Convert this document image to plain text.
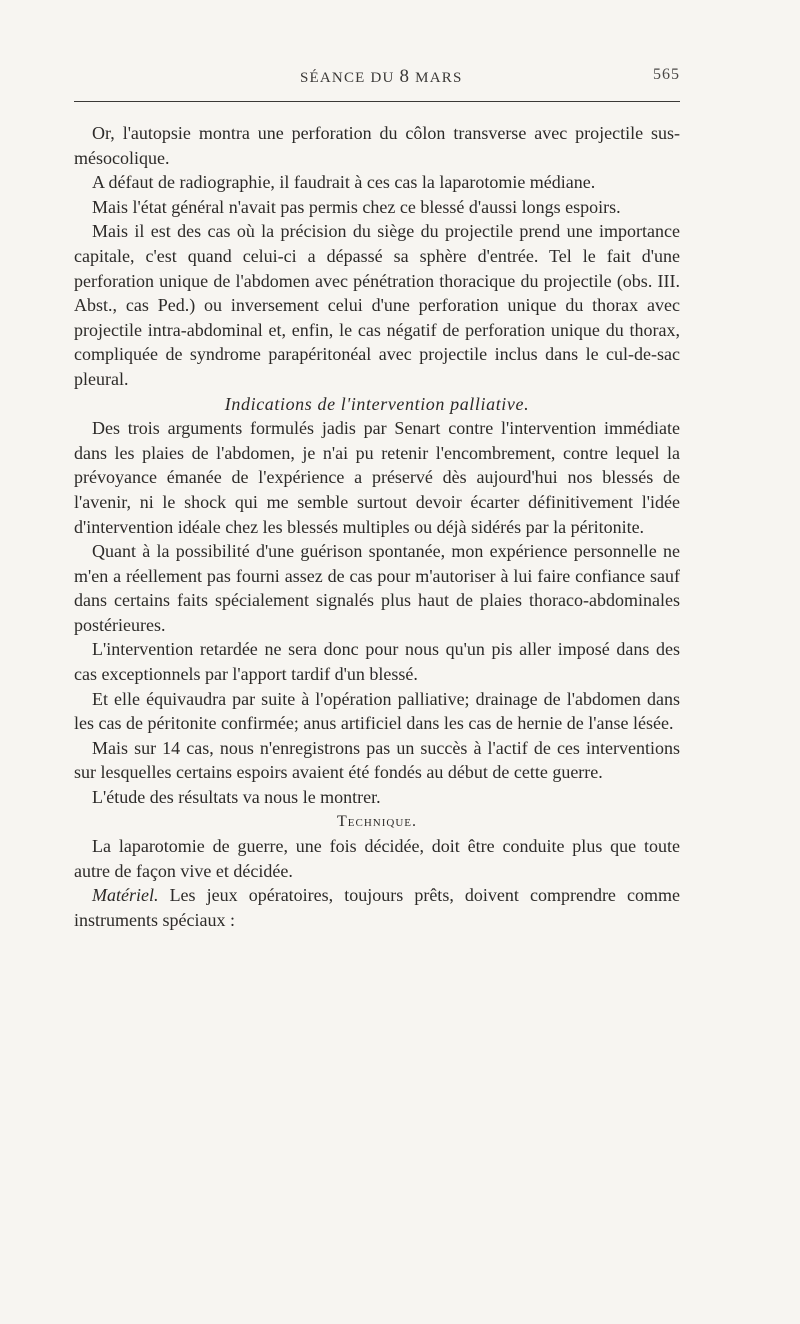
SÉANCE DU 8 MARS	565

Or, l'autopsie montra une perforation du côlon transverse avec projectile sus-mésocolique.

A défaut de radiographie, il faudrait à ces cas la laparotomie médiane.

Mais l'état général n'avait pas permis chez ce blessé d'aussi longs espoirs.

Mais il est des cas où la précision du siège du projectile prend une importance capitale, c'est quand celui-ci a dépassé sa sphère d'entrée. Tel le fait d'une perforation unique de l'abdomen avec pénétration thoracique du projectile (obs. III. Abst., cas Ped.) ou inversement celui d'une perforation unique du thorax avec projectile intra-abdominal et, enfin, le cas négatif de perforation unique du thorax, compliquée de syndrome parapéritonéal avec projectile inclus dans le cul-de-sac pleural.

Indications de l'intervention palliative.

Des trois arguments formulés jadis par Senart contre l'intervention immédiate dans les plaies de l'abdomen, je n'ai pu retenir l'encombrement, contre lequel la prévoyance émanée de l'expérience a préservé dès aujourd'hui nos blessés de l'avenir, ni le shock qui me semble surtout devoir écarter définitivement l'idée d'intervention idéale chez les blessés multiples ou déjà sidérés par la péritonite.

Quant à la possibilité d'une guérison spontanée, mon expérience personnelle ne m'en a réellement pas fourni assez de cas pour m'autoriser à lui faire confiance sauf dans certains faits spécialement signalés plus haut de plaies thoraco-abdominales postérieures.

L'intervention retardée ne sera donc pour nous qu'un pis aller imposé dans des cas exceptionnels par l'apport tardif d'un blessé.

Et elle équivaudra par suite à l'opération palliative; drainage de l'abdomen dans les cas de péritonite confirmée; anus artificiel dans les cas de hernie de l'anse lésée.

Mais sur 14 cas, nous n'enregistrons pas un succès à l'actif de ces interventions sur lesquelles certains espoirs avaient été fondés au début de cette guerre.

L'étude des résultats va nous le montrer.

Technique.

La laparotomie de guerre, une fois décidée, doit être conduite plus que toute autre de façon vive et décidée.

Matériel. Les jeux opératoires, toujours prêts, doivent comprendre comme instruments spéciaux :
